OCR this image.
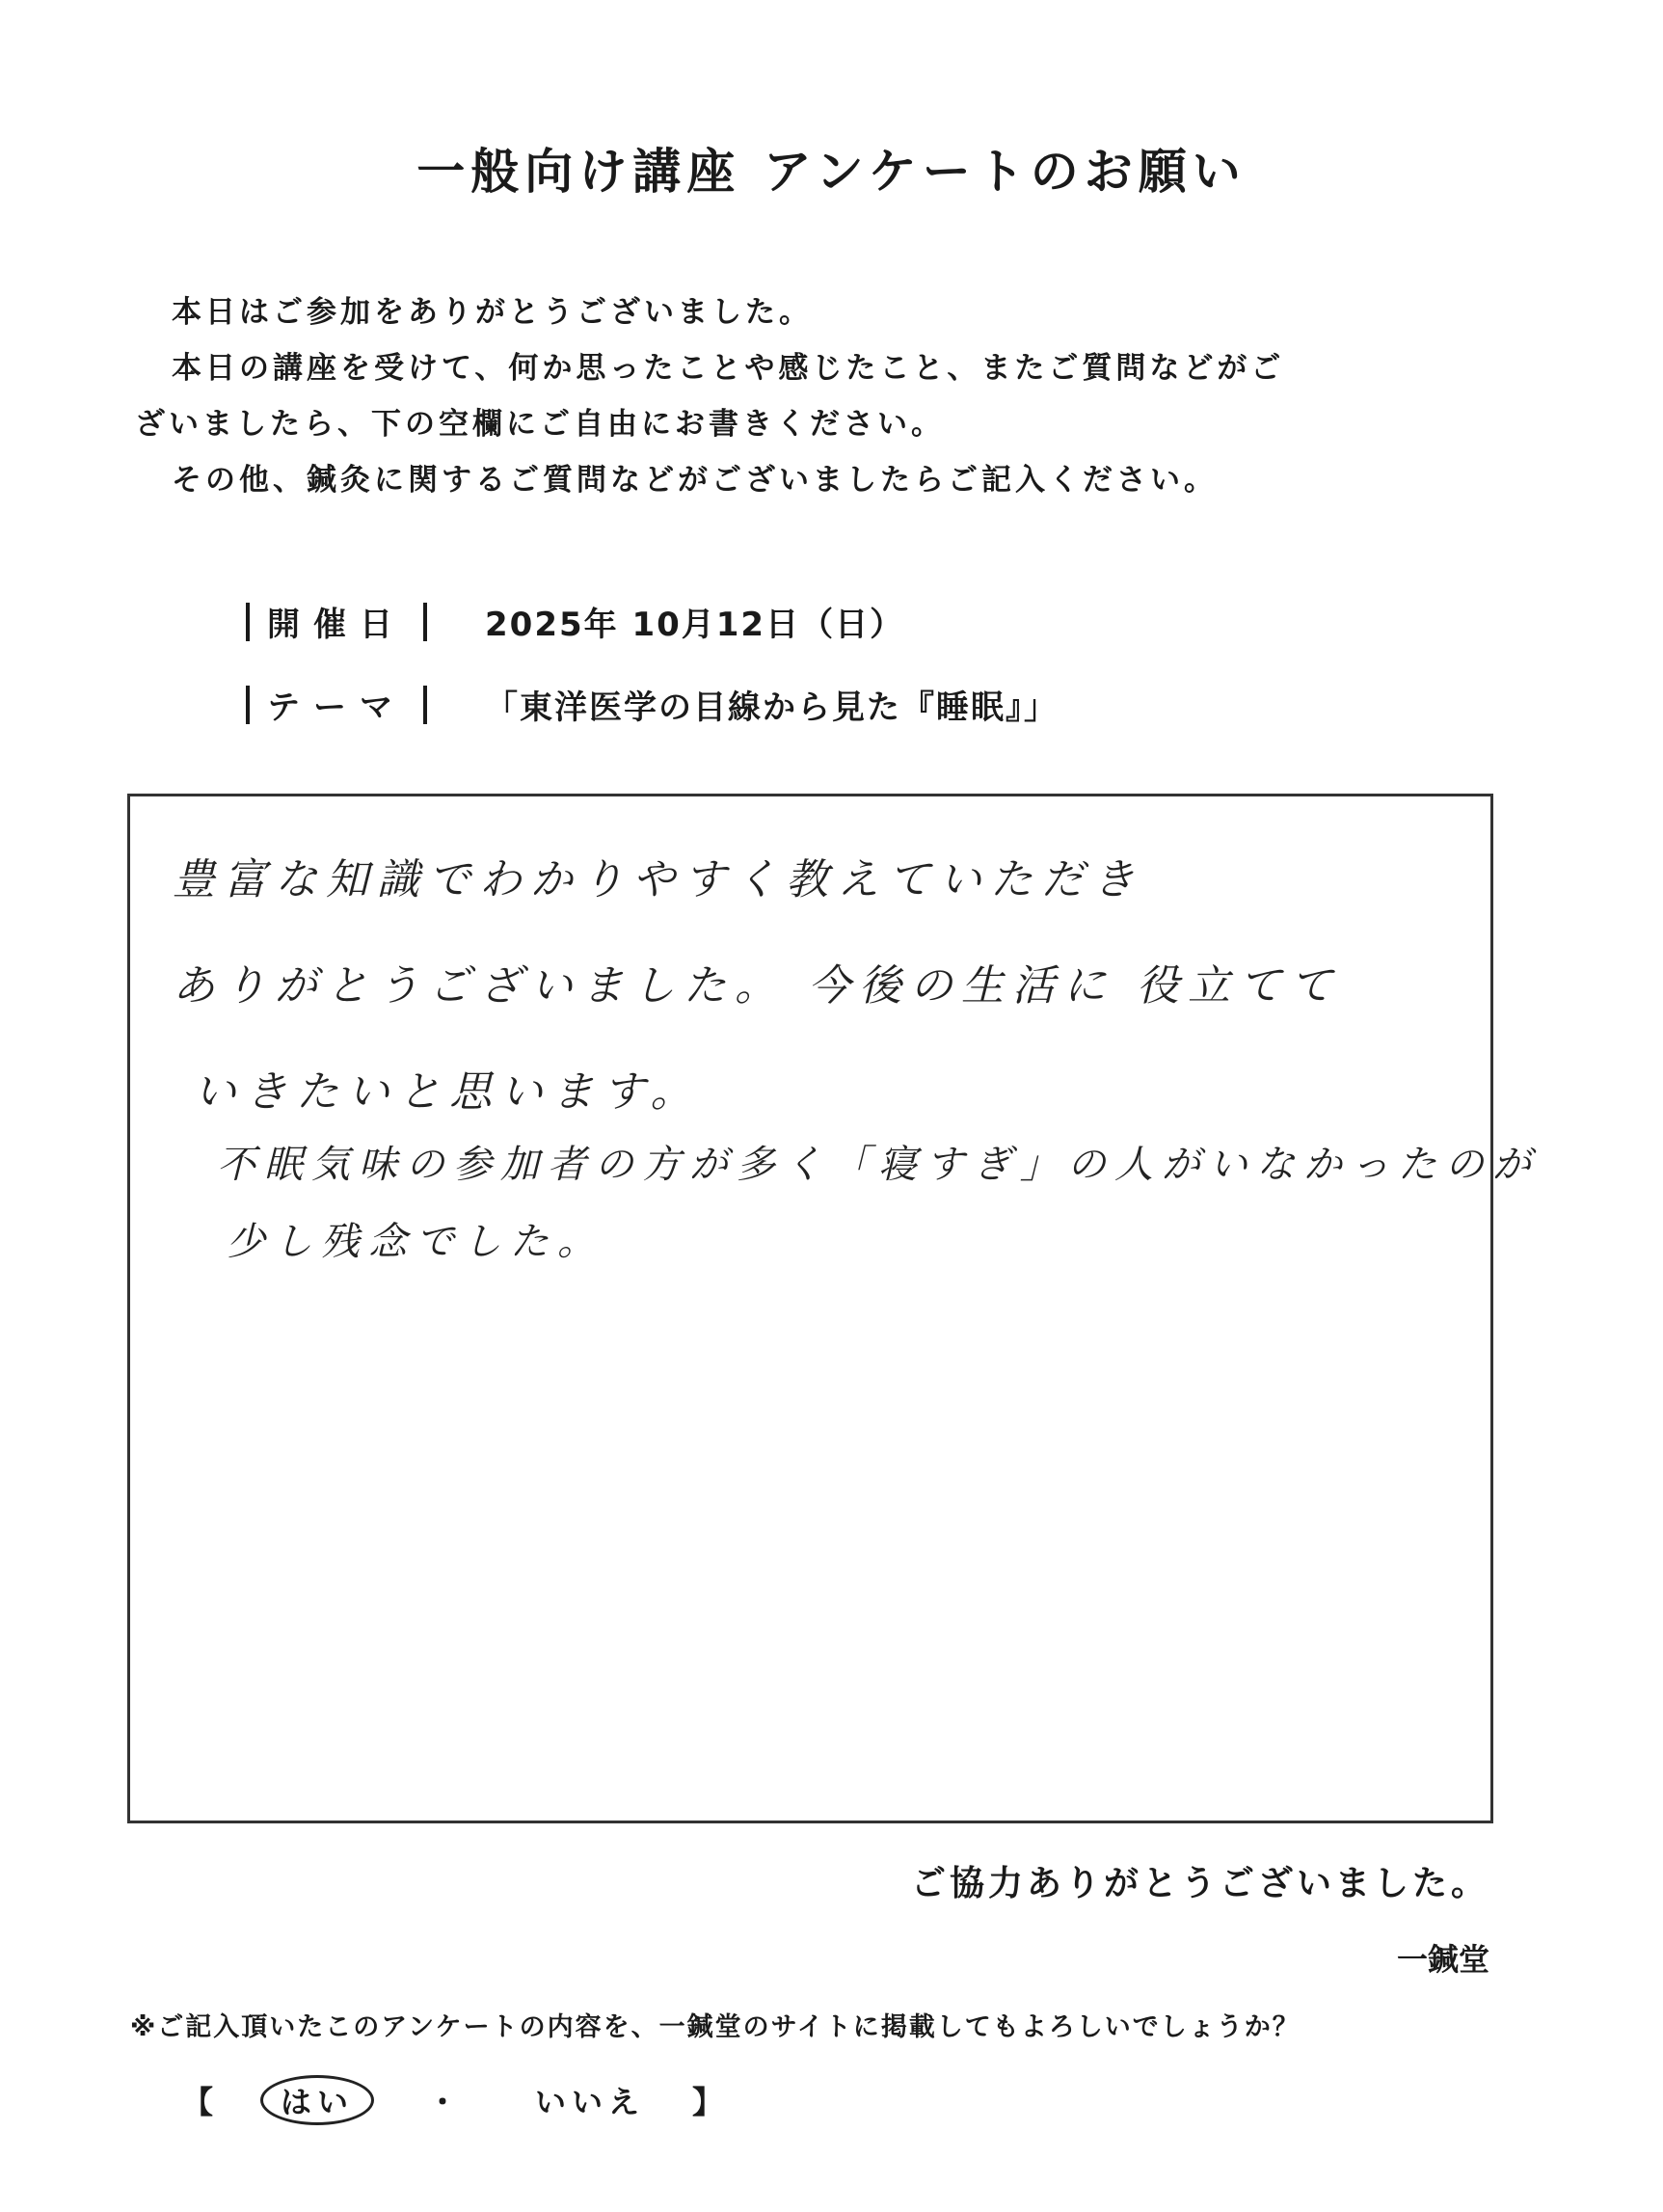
一般向け講座 アンケートのお願い

本日はご参加をありがとうございました。

本日の講座を受けて、何か思ったことや感じたこと、またご質問などがご

ざいましたら、下の空欄にご自由にお書きください。

その他、鍼灸に関するご質問などがございましたらご記入ください。

開催日	2025年 10月12日（日）
テーマ	「東洋医学の目線から見た『睡眠』」
豊富な知識でわかりやすく教えていただき
ありがとうございました。 今後の生活に 役立てて
いきたいと思います。
不眠気味の参加者の方が多く「寝すぎ」の人がいなかったのが
少し残念でした。
ご協力ありがとうございました。
一鍼堂
※ご記入頂いたこのアンケートの内容を、一鍼堂のサイトに掲載してもよろしいでしょうか？
【	はい	・	いいえ 】
